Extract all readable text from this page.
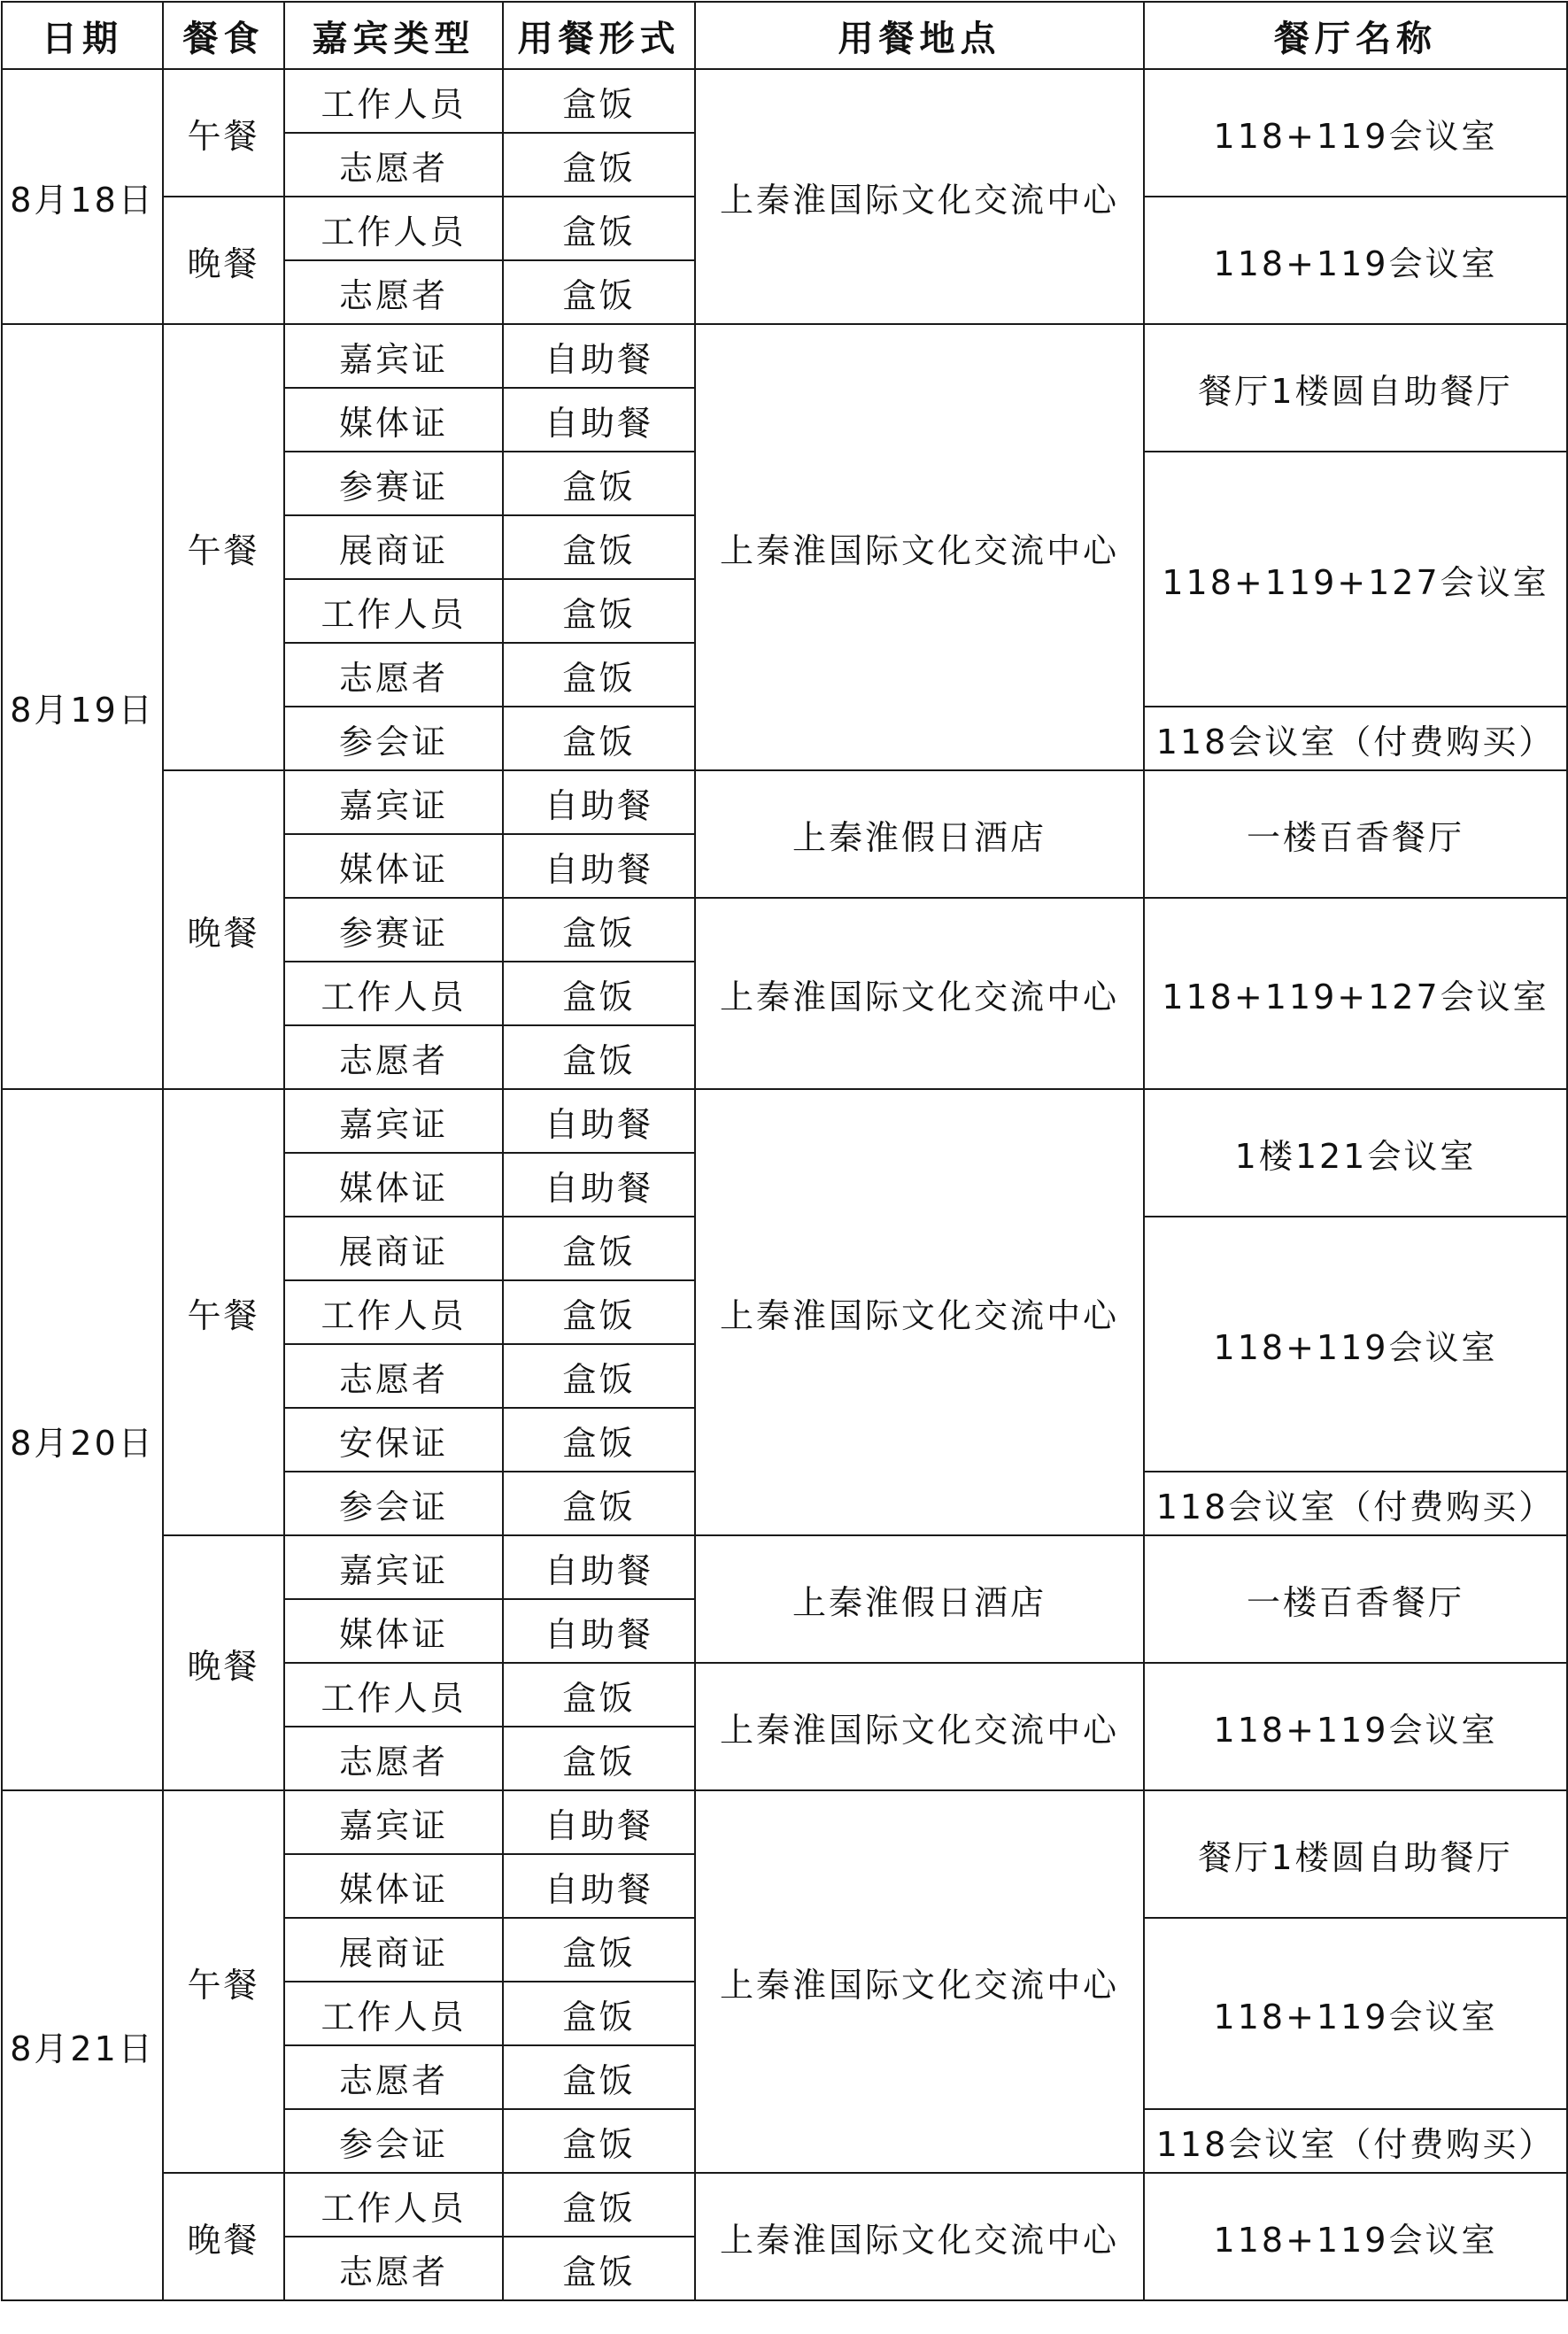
日期	餐食	嘉宾类型	用餐形式	用餐地点	餐厅名称
8月18日	午餐	工作人员	盒饭	上秦淮国际文化交流中心	118+119会议室
		志愿者	盒饭		
	晚餐	工作人员	盒饭		118+119会议室
		志愿者	盒饭		
8月19日	午餐	嘉宾证	自助餐	上秦淮国际文化交流中心	餐厅1楼圆自助餐厅
		媒体证	自助餐		
		参赛证	盒饭		118+119+127会议室
		展商证	盒饭		
		工作人员	盒饭		
		志愿者	盒饭		
		参会证	盒饭		118会议室（付费购买）
	晚餐	嘉宾证	自助餐	上秦淮假日酒店	一楼百香餐厅
		媒体证	自助餐		
		参赛证	盒饭	上秦淮国际文化交流中心	118+119+127会议室
		工作人员	盒饭		
		志愿者	盒饭		
8月20日	午餐	嘉宾证	自助餐	上秦淮国际文化交流中心	1楼121会议室
		媒体证	自助餐		
		展商证	盒饭		118+119会议室
		工作人员	盒饭		
		志愿者	盒饭		
		安保证	盒饭		
		参会证	盒饭		118会议室（付费购买）
	晚餐	嘉宾证	自助餐	上秦淮假日酒店	一楼百香餐厅
		媒体证	自助餐		
		工作人员	盒饭	上秦淮国际文化交流中心	118+119会议室
		志愿者	盒饭		
8月21日	午餐	嘉宾证	自助餐	上秦淮国际文化交流中心	餐厅1楼圆自助餐厅
		媒体证	自助餐		
		展商证	盒饭		118+119会议室
		工作人员	盒饭		
		志愿者	盒饭		
		参会证	盒饭		118会议室（付费购买）
	晚餐	工作人员	盒饭	上秦淮国际文化交流中心	118+119会议室
		志愿者	盒饭		
